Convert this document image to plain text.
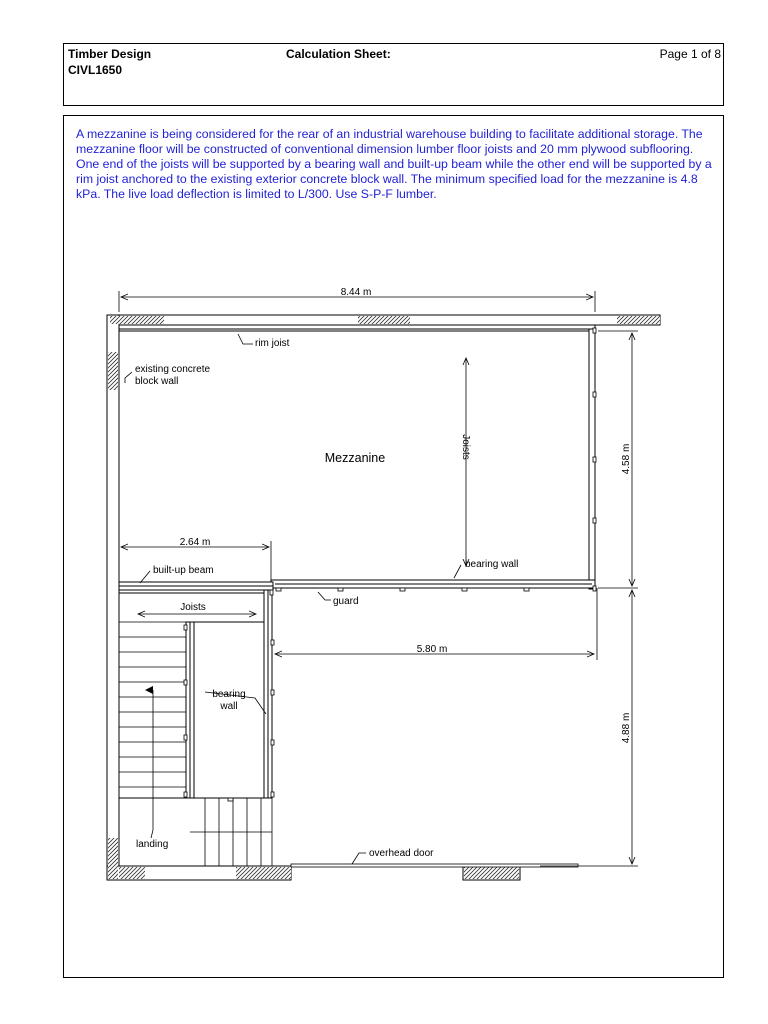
Timber Design
CIVL1650
Calculation Sheet:	Page 1 of 8
A mezzanine is being considered for the rear of an industrial warehouse building to facilitate additional storage. The mezzanine floor will be constructed of conventional dimension lumber floor joists and 20 mm plywood subflooring. One end of the joists will be supported by a bearing wall and built-up beam while the other end will be supported by a rim joist anchored to the existing exterior concrete block wall. The minimum specified load for the mezzanine is 4.8 kPa. The live load deflection is limited to L/300. Use S-P-F lumber.
8.44 m
2.64 m
5.80 m
4.58 m
4.88 m
rim joist
existing concrete
block wall
Mezzanine	Joists
bearing wall
built-up beam
guard
Joists
bearing
wall
landing
overhead door
